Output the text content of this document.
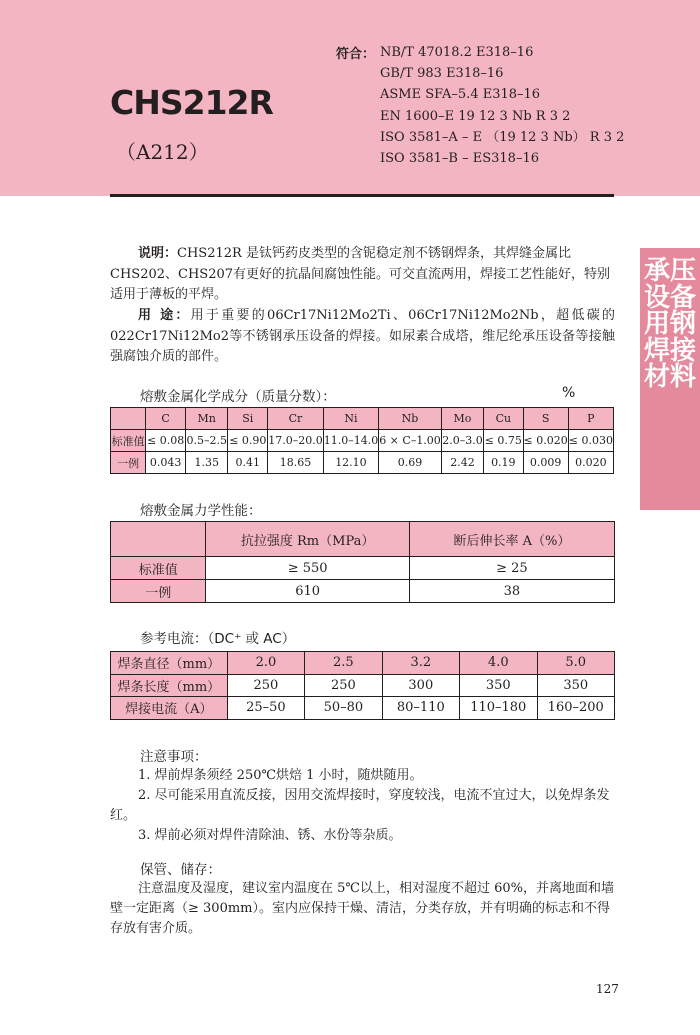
CHS212R
（A212）
符合： NB/T 47018.2 E318–16
GB/T 983 E318–16
ASME SFA–5.4 E318–16
EN 1600–E 19 12 3 Nb R 3 2
ISO 3581–A – E （19 12 3 Nb） R 3 2
ISO 3581–B – ES318–16
承压设备用钢焊接材料
说明：CHS212R 是钛钙药皮类型的含铌稳定剂不锈钢焊条，其焊缝金属比CHS202、CHS207有更好的抗晶间腐蚀性能。可交直流两用，焊接工艺性能好，特别适用于薄板的平焊。
用 途：用于重要的06Cr17Ni12Mo2Ti、06Cr17Ni12Mo2Nb，超低碳的022Cr17Ni12Mo2等不锈钢承压设备的焊接。如尿素合成塔，维尼纶承压设备等接触强腐蚀介质的部件。
熔敷金属化学成分（质量分数）：	%
	C	Mn	Si	Cr	Ni	Nb	Mo	Cu	S	P
标准值	≤ 0.08	0.5–2.5	≤ 0.90	17.0–20.0	11.0–14.0	6 × C–1.00	2.0–3.0	≤ 0.75	≤ 0.020	≤ 0.030
一例	0.043	1.35	0.41	18.65	12.10	0.69	2.42	0.19	0.009	0.020
熔敷金属力学性能：
	抗拉强度 Rm（MPa）	断后伸长率 A（%）
标准值	≥ 550	≥ 25
一例	610	38
参考电流：（DC⁺ 或 AC）
焊条直径（mm）	2.0	2.5	3.2	4.0	5.0
焊条长度（mm）	250	250	300	350	350
焊接电流（A）	25–50	50–80	80–110	110–180	160–200
注意事项：
1. 焊前焊条须经 250℃烘焙 1 小时，随烘随用。
2. 尽可能采用直流反接，因用交流焊接时，穿度较浅，电流不宜过大，以免焊条发红。
3. 焊前必须对焊件清除油、锈、水份等杂质。
保管、储存：
注意温度及湿度，建议室内温度在 5℃以上，相对湿度不超过 60%，并离地面和墙壁一定距离（≥ 300mm）。室内应保持干燥、清洁，分类存放，并有明确的标志和不得存放有害介质。
127
